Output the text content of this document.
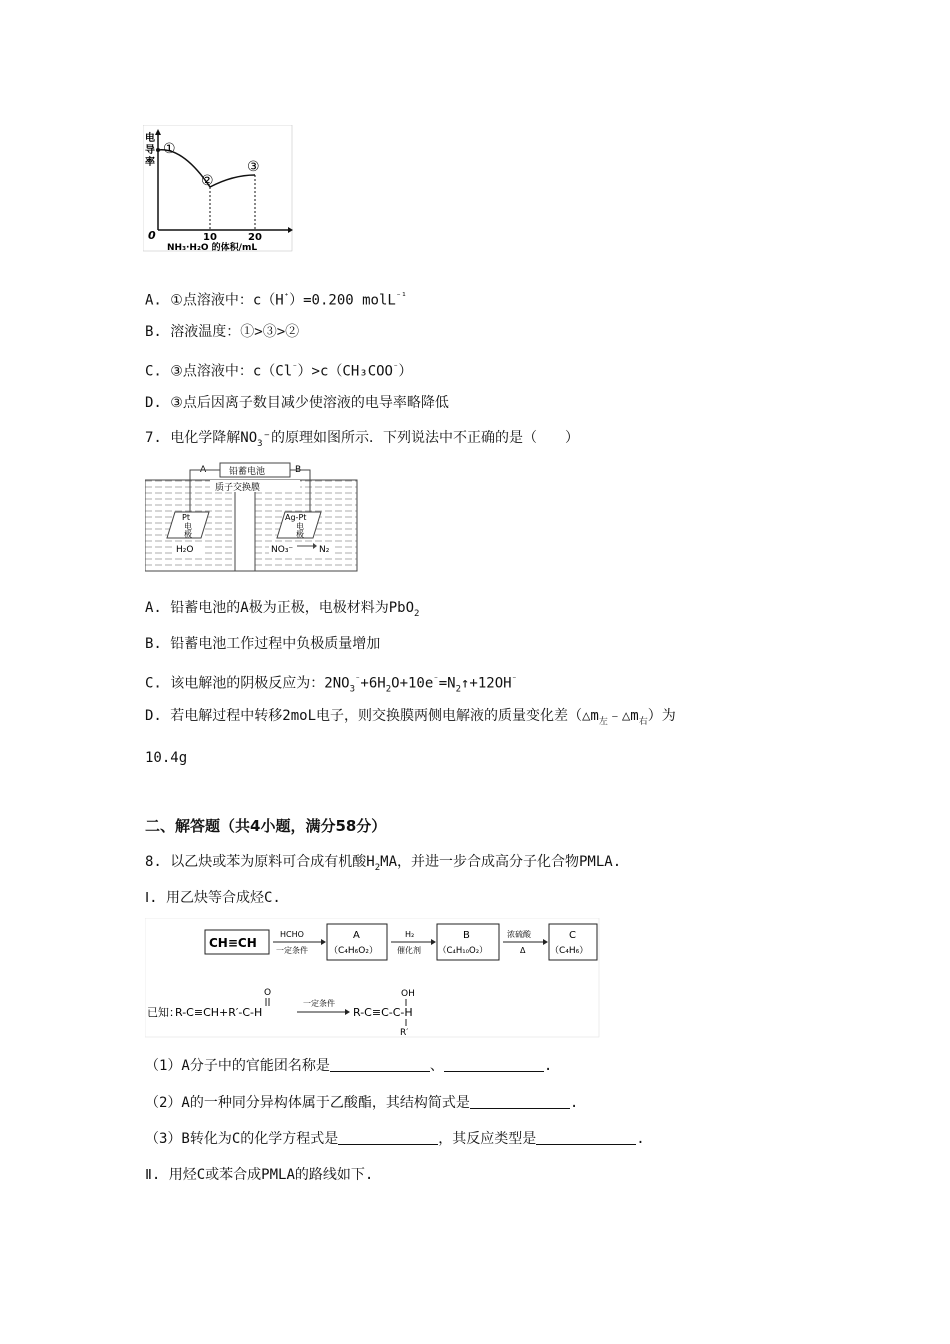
电
导
率
0
①
②
③
10	20
NH₃·H₂O 的体积/mL
A. ①点溶液中：c（H⁺）=0.200 molL$^{^{-1}}$
B. 溶液温度：①>③>②
C. ③点溶液中：c（Cl⁻）>c（CH₃COO⁻）
D. ③点后因离子数目减少使溶液的电导率略降低
7. 电化学降解$NO_3^-$的原理如图所示．下列说法中不正确的是（　　）
铅蓄电池
A	B
质子交换膜
Pt
电
极
Ag-Pt
电
极
H₂O	NO₃⁻	N₂
A. 铅蓄电池的A极为正极，电极材料为PbO$_2$
B. 铅蓄电池工作过程中负极质量增加
C. 该电解池的阴极反应为：$2NO_3^{^-}+6H_2O+10e^{^-}=N_2↑+12OH^{^-}$
D. 若电解过程中转移2moL电子，则交换膜两侧电解液的质量变化差$(\triangle m_左﹣\triangle m_右)$为
10.4g
二、解答题（共4小题，满分58分）
8. 以乙炔或苯为原料可合成有机酸$H_2MA$，并进一步合成高分子化合物PMLA.
Ⅰ. 用乙炔等合成烃C.
CH≡CH
HCHO
一定条件
A
（C₄H₆O₂）
H₂
催化剂
B
（C₄H₁₀O₂）
浓硫酸
Δ
C
（C₄H₆）
已知：
O
R-C≡CH+R′-C-H
一定条件
OH
R-C≡C-C-H
R′
（1）A分子中的官能团名称是	、	.
（2）A的一种同分异构体属于乙酸酯，其结构简式是	.
（3）B转化为C的化学方程式是	，其反应类型是	.
Ⅱ. 用烃C或苯合成PMLA的路线如下.
